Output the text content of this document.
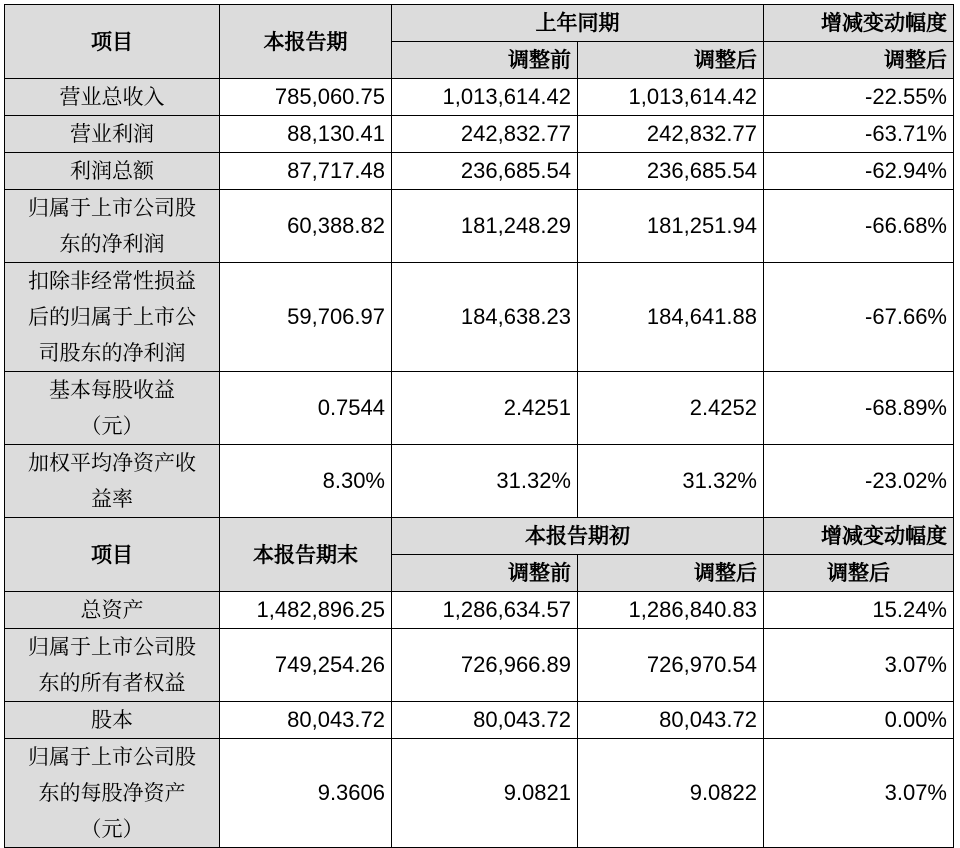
项目	本报告期	上年同期		增减变动幅度
		调整前	调整后	调整后

营业总收入	785,060.75	1,013,614.42	1,013,614.42	-22.55%

营业利润	88,130.41	242,832.77	242,832.77	-63.71%

利润总额	87,717.48	236,685.54	236,685.54	-62.94%

归属于上市公司股
东的净利润	60,388.82	181,248.29	181,251.94	-66.68%

扣除非经常性损益
后的归属于上市公
司股东的净利润	59,706.97	184,638.23	184,641.88	-67.66%

基本每股收益
（元）	0.7544	2.4251	2.4252	-68.89%

加权平均净资产收
益率	8.30%	31.32%	31.32%	-23.02%
项目	本报告期末	本报告期初		增减变动幅度
		调整前	调整后	调整后

总资产	1,482,896.25	1,286,634.57	1,286,840.83	15.24%

归属于上市公司股
东的所有者权益	749,254.26	726,966.89	726,970.54	3.07%

股本	80,043.72	80,043.72	80,043.72	0.00%

归属于上市公司股
东的每股净资产
（元）	9.3606	9.0821	9.0822	3.07%
